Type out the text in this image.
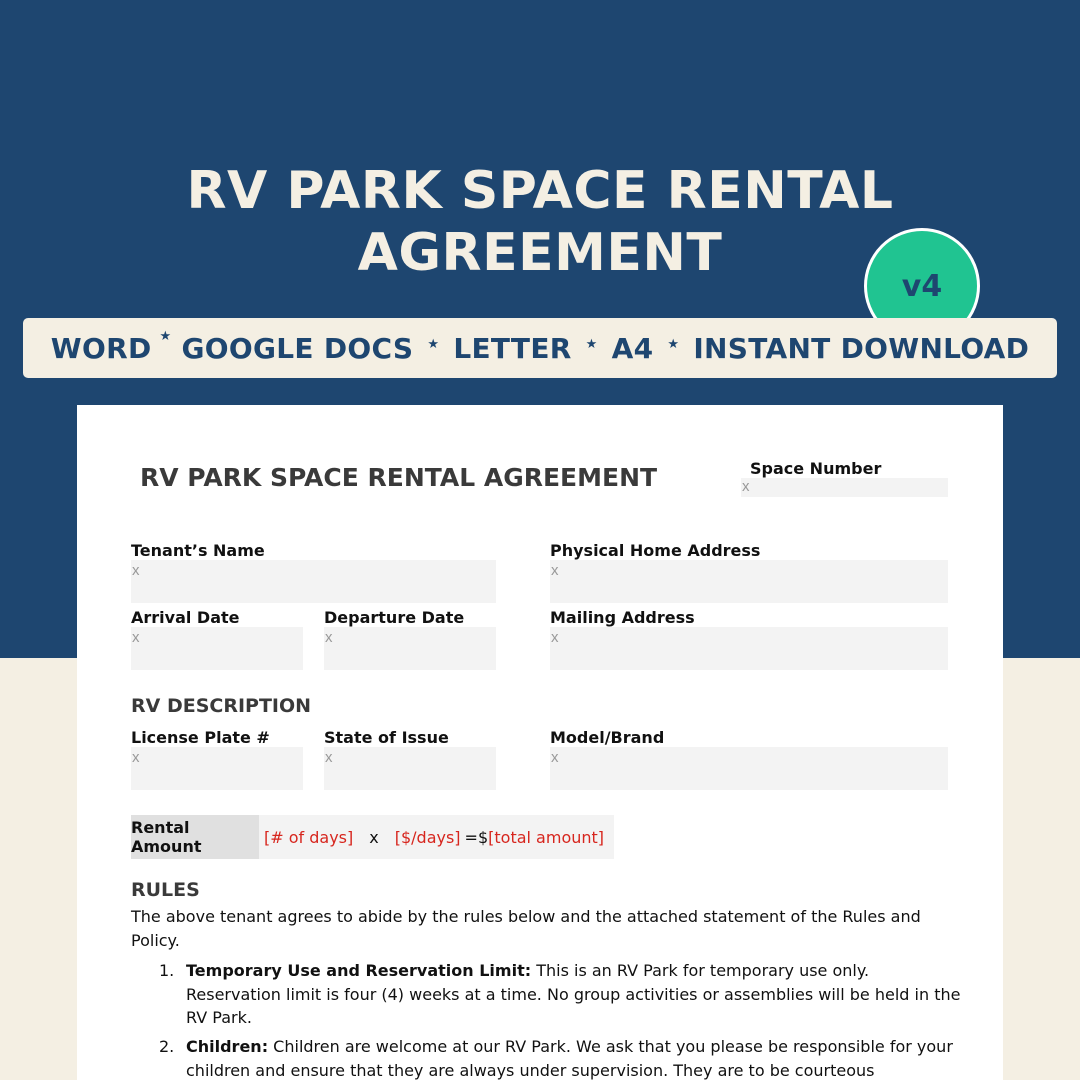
RV PARK SPACE RENTAL
AGREEMENT
v4
WORD ★ GOOGLE DOCS ★ LETTER ★ A4 ★ INSTANT DOWNLOAD
RV PARK SPACE RENTAL AGREEMENT	Space Number
x
Tenant’s Name
x
Physical Home Address
x
Arrival Date
x
Departure Date
x
Mailing Address
x
RV DESCRIPTION
License Plate #
x
State of Issue
x
Model/Brand
x
Rental Amount	[# of days] x [$/days] =$ [total amount]
RULES
The above tenant agrees to abide by the rules below and the attached statement of the Rules and Policy.
1. Temporary Use and Reservation Limit: This is an RV Park for temporary use only. Reservation limit is four (4) weeks at a time. No group activities or assemblies will be held in the RV Park.
2. Children: Children are welcome at our RV Park. We ask that you please be responsible for your children and ensure that they are always under supervision. They are to be courteous
